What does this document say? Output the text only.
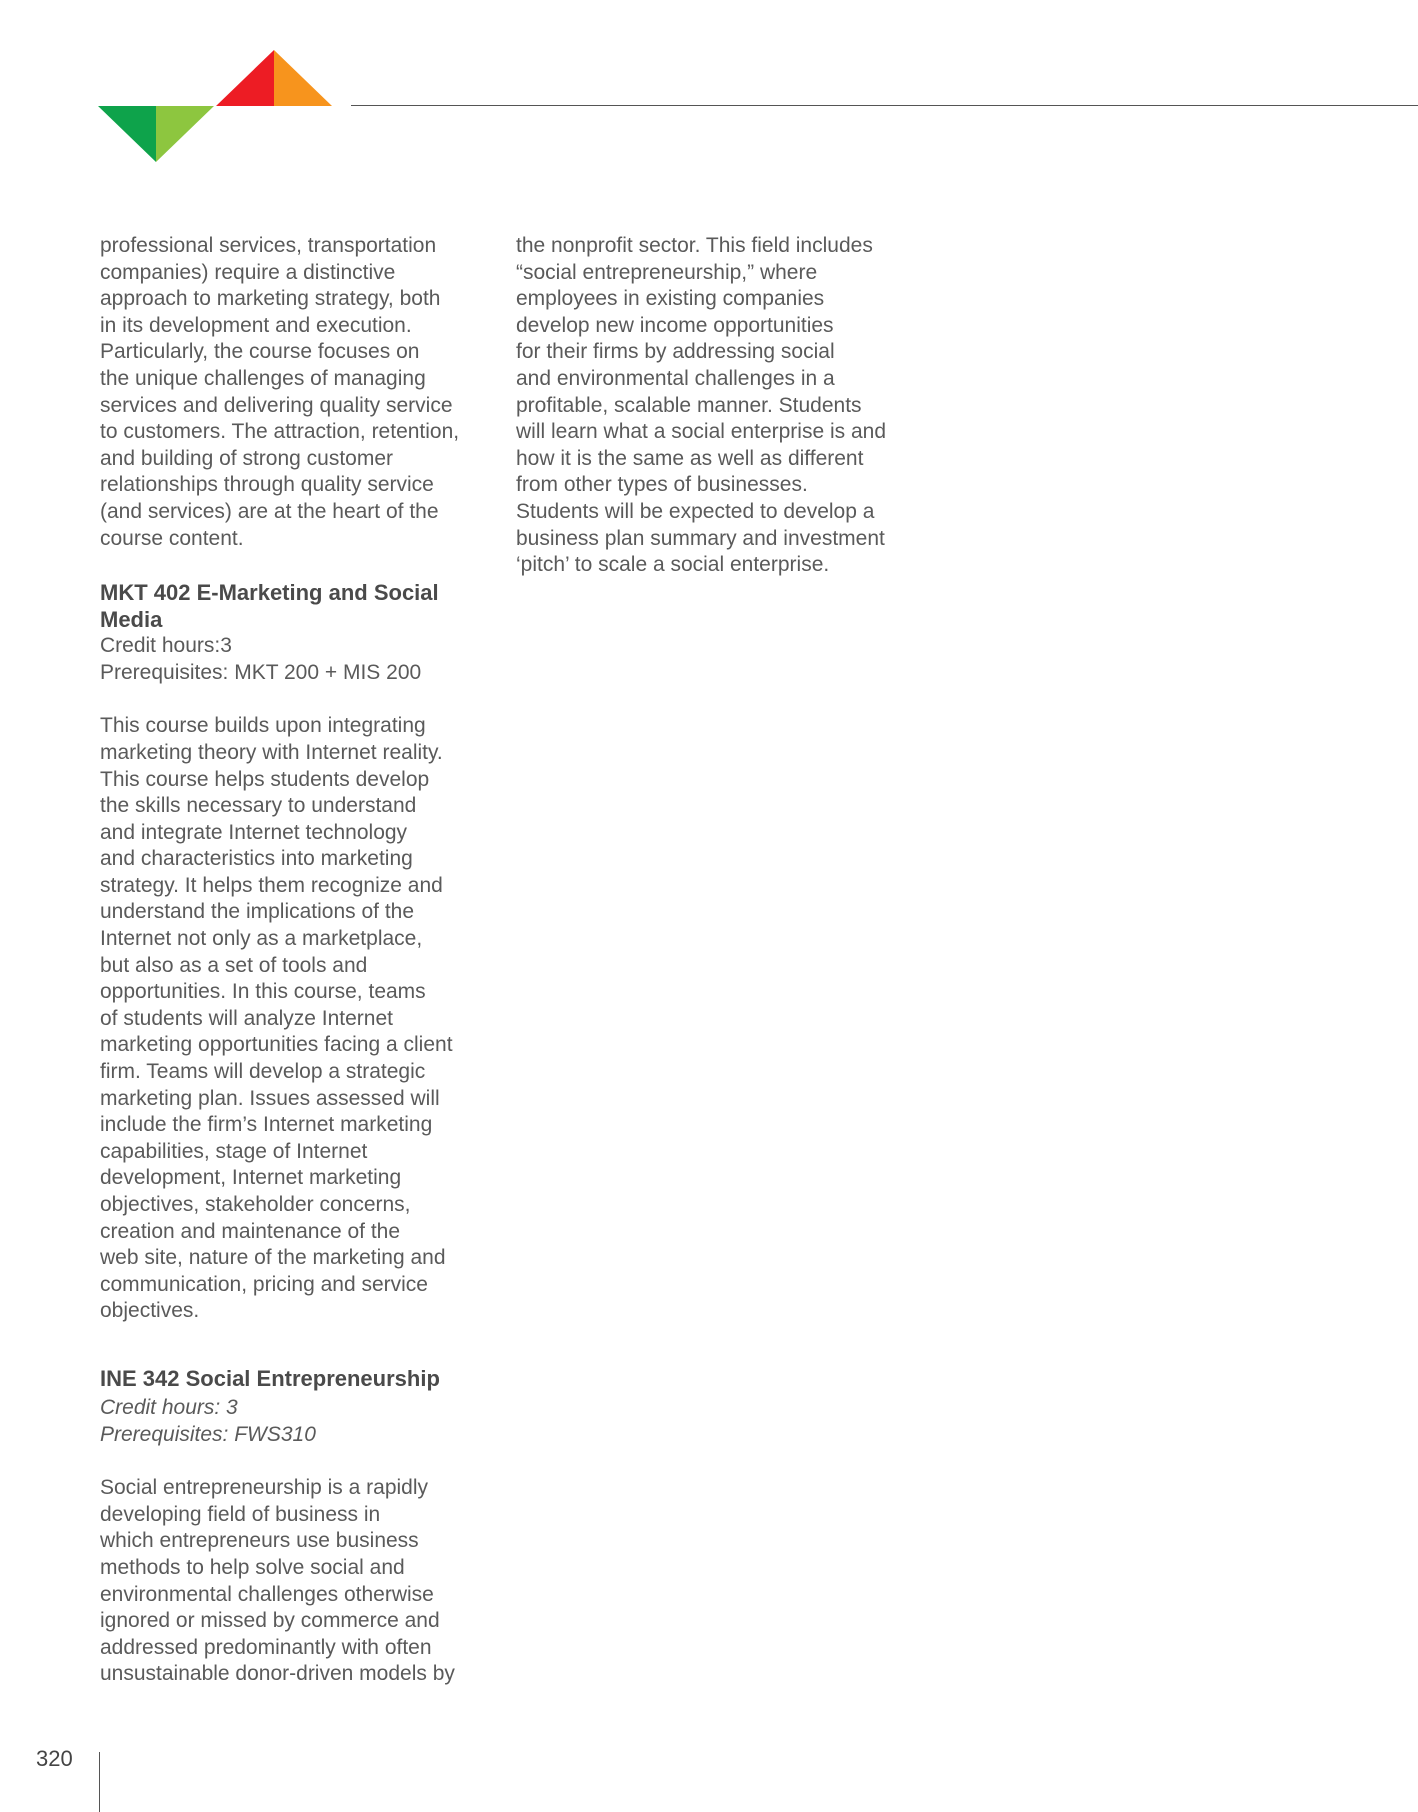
professional services, transportation
companies) require a distinctive
approach to marketing strategy, both
in its development and execution.
Particularly, the course focuses on
the unique challenges of managing
services and delivering quality service
to customers. The attraction, retention,
and building of strong customer
relationships through quality service
(and services) are at the heart of the
course content.

MKT 402 E-Marketing and Social
Media

Credit hours:3

Prerequisites: MKT 200 + MIS 200

This course builds upon integrating
marketing theory with Internet reality.
This course helps students develop
the skills necessary to understand
and integrate Internet technology
and characteristics into marketing
strategy. It helps them recognize and
understand the implications of the
Internet not only as a marketplace,
but also as a set of tools and
opportunities. In this course, teams
of students will analyze Internet
marketing opportunities facing a client
firm. Teams will develop a strategic
marketing plan. Issues assessed will
include the firm’s Internet marketing
capabilities, stage of Internet
development, Internet marketing
objectives, stakeholder concerns,
creation and maintenance of the
web site, nature of the marketing and
communication, pricing and service
objectives.

INE 342 Social Entrepreneurship

Credit hours: 3

Prerequisites: FWS310

Social entrepreneurship is a rapidly
developing field of business in
which entrepreneurs use business
methods to help solve social and
environmental challenges otherwise
ignored or missed by commerce and
addressed predominantly with often
unsustainable donor-driven models by

the nonprofit sector. This field includes
“social entrepreneurship,” where
employees in existing companies
develop new income opportunities
for their firms by addressing social
and environmental challenges in a
profitable, scalable manner. Students
will learn what a social enterprise is and
how it is the same as well as different
from other types of businesses.
Students will be expected to develop a
business plan summary and investment
‘pitch’ to scale a social enterprise.

320
